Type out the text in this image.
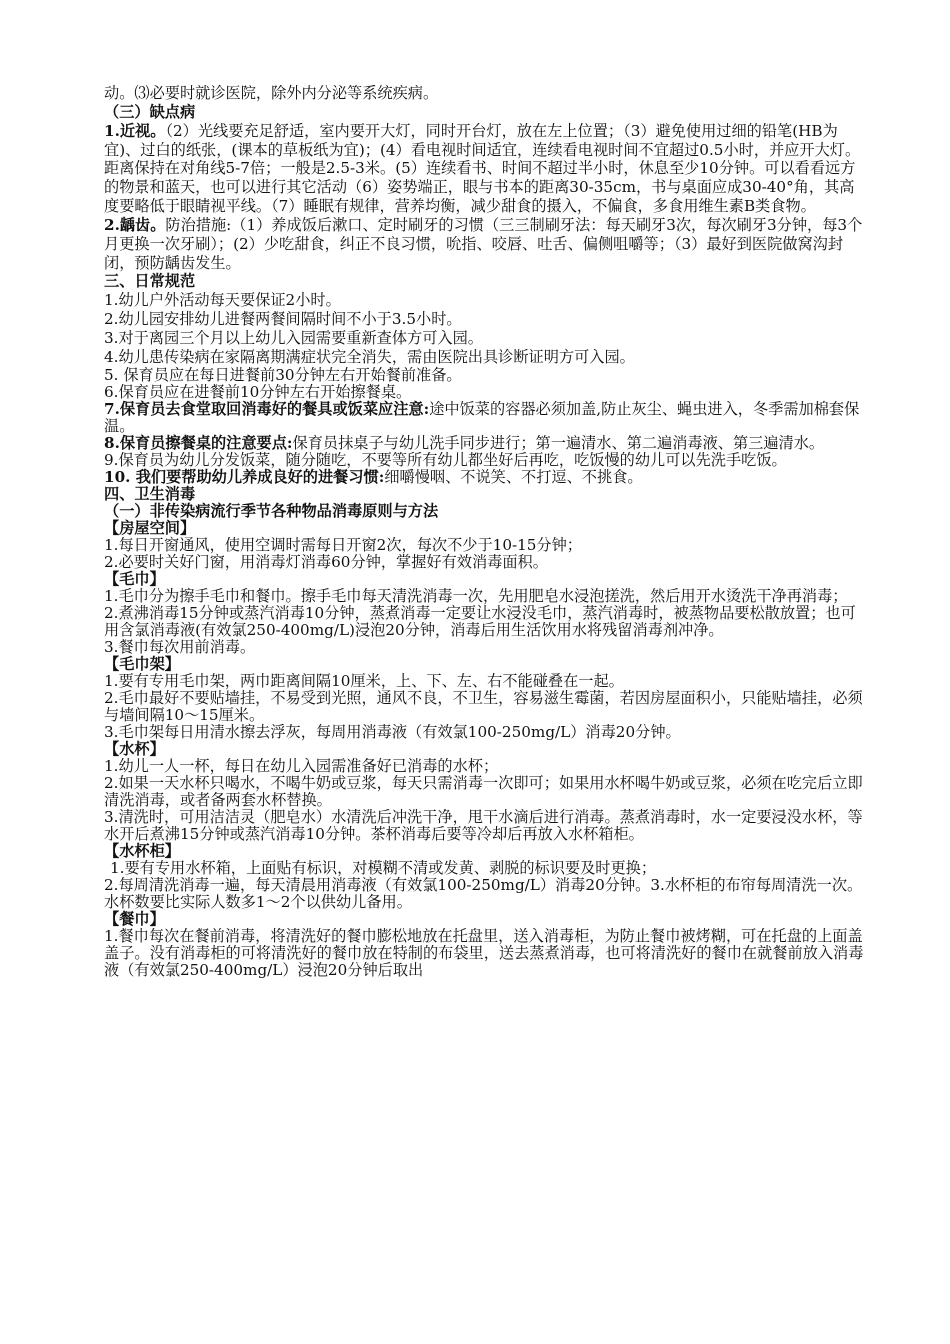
动。⑶必要时就诊医院，除外内分泌等系统疾病。

（三）缺点病

1.近视。（2）光线要充足舒适，室内要开大灯，同时开台灯，放在左上位置；（3）避免使用过细的铅笔(HB为宜)、过白的纸张，(课本的草板纸为宜)；(4）看电视时间适宜，连续看电视时间不宜超过0.5小时，并应开大灯。距离保持在对角线5-7倍；一般是2.5-3米。(5）连续看书、时间不超过半小时，休息至少10分钟。可以看看远方的物景和蓝天，也可以进行其它活动（6）姿势端正，眼与书本的距离30-35cm，书与桌面应成30-40°角，其高度要略低于眼睛视平线。（7）睡眠有规律，营养均衡，减少甜食的摄入，不偏食，多食用维生素B类食物。

2.龋齿。防治措施:（1）养成饭后漱口、定时刷牙的习惯（三三制刷牙法：每天刷牙3次，每次刷牙3分钟，每3个月更换一次牙刷）；(2）少吃甜食，纠正不良习惯，吮指、咬唇、吐舌、偏侧咀嚼等；（3）最好到医院做窝沟封闭，预防龋齿发生。

三、日常规范

1.幼儿户外活动每天要保证2小时。

2.幼儿园安排幼儿进餐两餐间隔时间不小于3.5小时。

3.对于离园三个月以上幼儿入园需要重新查体方可入园。

4.幼儿患传染病在家隔离期满症状完全消失，需由医院出具诊断证明方可入园。

5. 保育员应在每日进餐前30分钟左右开始餐前准备。

6.保育员应在进餐前10分钟左右开始擦餐桌。

7.保育员去食堂取回消毒好的餐具或饭菜应注意:途中饭菜的容器必须加盖,防止灰尘、蝇虫进入，冬季需加棉套保温。

8.保育员擦餐桌的注意要点:保育员抹桌子与幼儿洗手同步进行；第一遍清水、第二遍消毒液、第三遍清水。

9.保育员为幼儿分发饭菜，随分随吃，不要等所有幼儿都坐好后再吃，吃饭慢的幼儿可以先洗手吃饭。

10. 我们要帮助幼儿养成良好的进餐习惯:细嚼慢咽、不说笑、不打逗、不挑食。

四、卫生消毒

（一）非传染病流行季节各种物品消毒原则与方法

【房屋空间】

1.每日开窗通风，使用空调时需每日开窗2次，每次不少于10-15分钟；

2.必要时关好门窗，用消毒灯消毒60分钟，掌握好有效消毒面积。

【毛巾】

1.毛巾分为擦手毛巾和餐巾。擦手毛巾每天清洗消毒一次，先用肥皂水浸泡搓洗，然后用开水烫洗干净再消毒；

2.煮沸消毒15分钟或蒸汽消毒10分钟，蒸煮消毒一定要让水浸没毛巾，蒸汽消毒时，被蒸物品要松散放置；也可用含氯消毒液(有效氯250-400mg/L)浸泡20分钟，消毒后用生活饮用水将残留消毒剂冲净。

3.餐巾每次用前消毒。

【毛巾架】

1.要有专用毛巾架，两巾距离间隔10厘米，上、下、左、右不能碰叠在一起。

2.毛巾最好不要贴墙挂，不易受到光照，通风不良，不卫生，容易滋生霉菌，若因房屋面积小，只能贴墙挂，必须与墙间隔10～15厘米。

3.毛巾架每日用清水擦去浮灰，每周用消毒液（有效氯100-250mg/L）消毒20分钟。

【水杯】

1.幼儿一人一杯，每日在幼儿入园需准备好已消毒的水杯；

2.如果一天水杯只喝水，不喝牛奶或豆浆，每天只需消毒一次即可；如果用水杯喝牛奶或豆浆，必须在吃完后立即清洗消毒，或者备两套水杯替换。

3.清洗时，可用洁洁灵（肥皂水）水清洗后冲洗干净，甩干水滴后进行消毒。蒸煮消毒时，水一定要浸没水杯，等水开后煮沸15分钟或蒸汽消毒10分钟。茶杯消毒后要等冷却后再放入水杯箱柜。

【水杯柜】

1.要有专用水杯箱，上面贴有标识，对模糊不清或发黄、剥脱的标识要及时更换；

2.每周清洗消毒一遍，每天清晨用消毒液（有效氯100-250mg/L）消毒20分钟。3.水杯柜的布帘每周清洗一次。水杯数要比实际人数多1～2个以供幼儿备用。

【餐巾】

1.餐巾每次在餐前消毒，将清洗好的餐巾膨松地放在托盘里，送入消毒柜，为防止餐巾被烤糊，可在托盘的上面盖盖子。没有消毒柜的可将清洗好的餐巾放在特制的布袋里，送去蒸煮消毒，也可将清洗好的餐巾在就餐前放入消毒液（有效氯250-400mg/L）浸泡20分钟后取出
